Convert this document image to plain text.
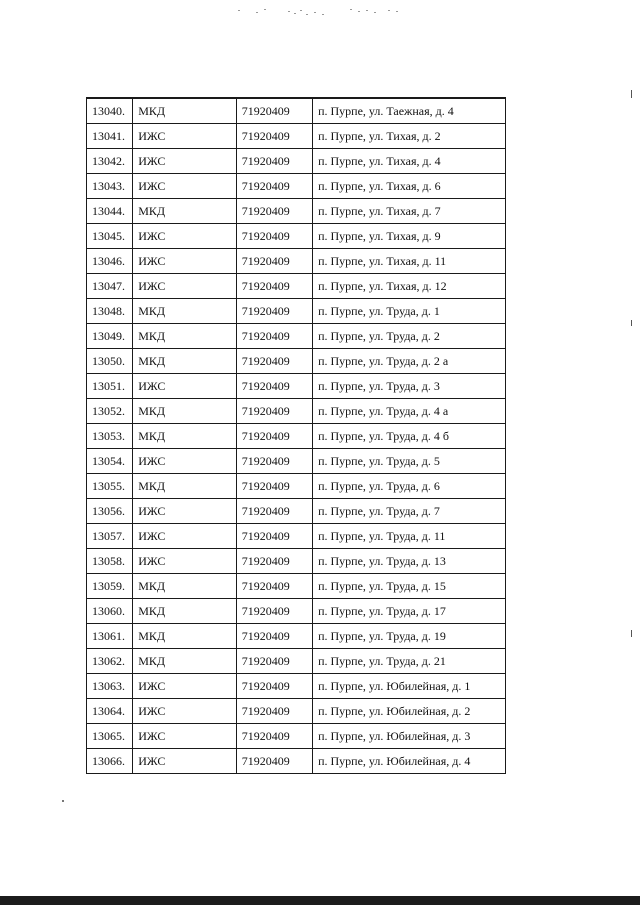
13040.	МКД	71920409	п. Пурпе, ул. Таежная, д. 4
13041.	ИЖС	71920409	п. Пурпе, ул. Тихая, д. 2
13042.	ИЖС	71920409	п. Пурпе, ул. Тихая, д. 4
13043.	ИЖС	71920409	п. Пурпе, ул. Тихая, д. 6
13044.	МКД	71920409	п. Пурпе, ул. Тихая, д. 7
13045.	ИЖС	71920409	п. Пурпе, ул. Тихая, д. 9
13046.	ИЖС	71920409	п. Пурпе, ул. Тихая, д. 11
13047.	ИЖС	71920409	п. Пурпе, ул. Тихая, д. 12
13048.	МКД	71920409	п. Пурпе, ул. Труда, д. 1
13049.	МКД	71920409	п. Пурпе, ул. Труда, д. 2
13050.	МКД	71920409	п. Пурпе, ул. Труда, д. 2 а
13051.	ИЖС	71920409	п. Пурпе, ул. Труда, д. 3
13052.	МКД	71920409	п. Пурпе, ул. Труда, д. 4 а
13053.	МКД	71920409	п. Пурпе, ул. Труда, д. 4 б
13054.	ИЖС	71920409	п. Пурпе, ул. Труда, д. 5
13055.	МКД	71920409	п. Пурпе, ул. Труда, д. 6
13056.	ИЖС	71920409	п. Пурпе, ул. Труда, д. 7
13057.	ИЖС	71920409	п. Пурпе, ул. Труда, д. 11
13058.	ИЖС	71920409	п. Пурпе, ул. Труда, д. 13
13059.	МКД	71920409	п. Пурпе, ул. Труда, д. 15
13060.	МКД	71920409	п. Пурпе, ул. Труда, д. 17
13061.	МКД	71920409	п. Пурпе, ул. Труда, д. 19
13062.	МКД	71920409	п. Пурпе, ул. Труда, д. 21
13063.	ИЖС	71920409	п. Пурпе, ул. Юбилейная, д. 1
13064.	ИЖС	71920409	п. Пурпе, ул. Юбилейная, д. 2
13065.	ИЖС	71920409	п. Пурпе, ул. Юбилейная, д. 3
13066.	ИЖС	71920409	п. Пурпе, ул. Юбилейная, д. 4
